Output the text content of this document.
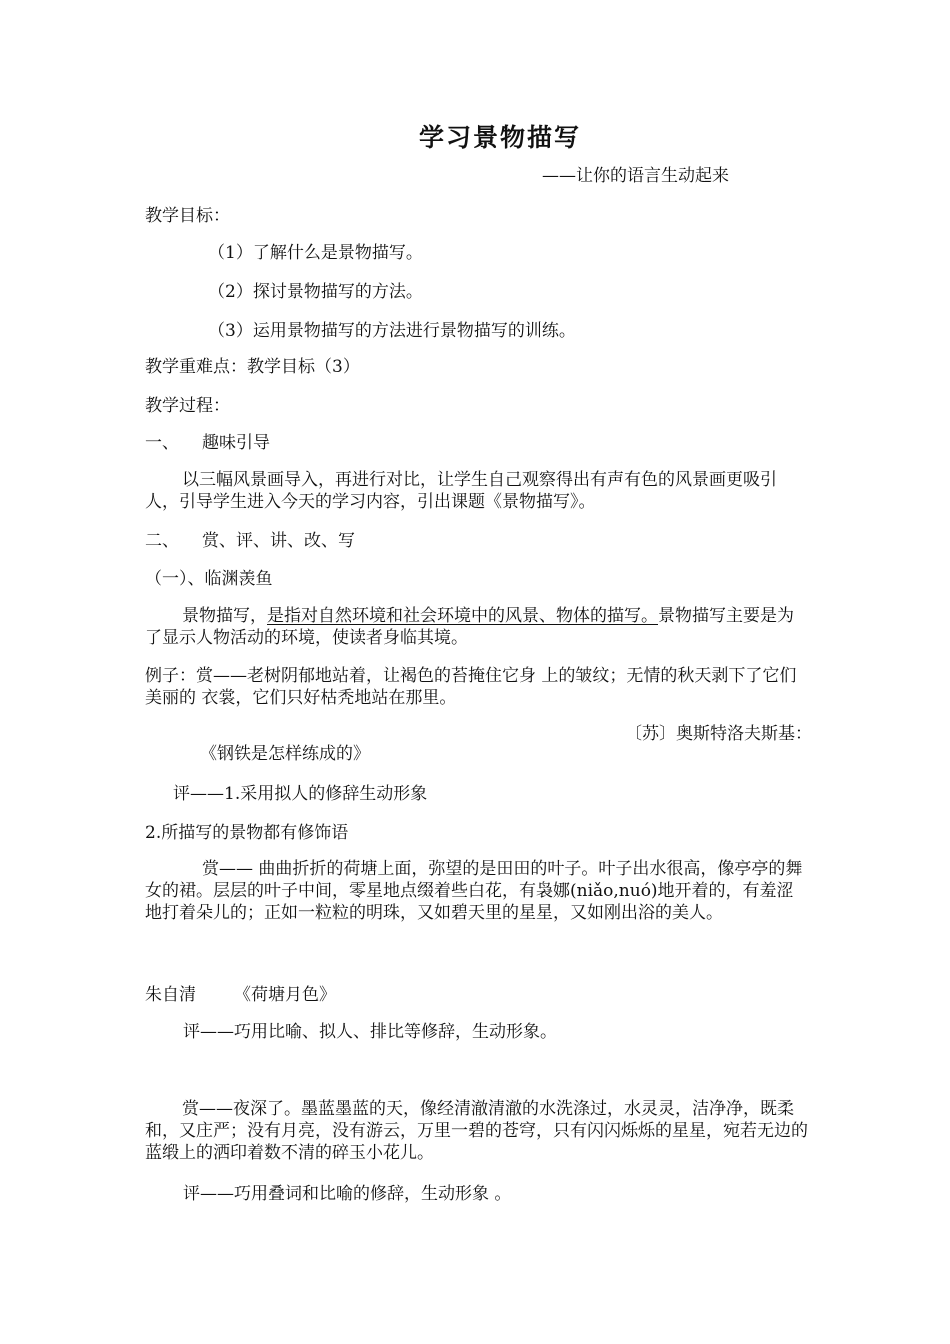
学习景物描写
——让你的语言生动起来
教学目标：
（1）了解什么是景物描写。
（2）探讨景物描写的方法。
（3）运用景物描写的方法进行景物描写的训练。
教学重难点：教学目标（3）
教学过程：
一、 趣味引导
以三幅风景画导入，再进行对比，让学生自己观察得出有声有色的风景画更吸引人，引导学生进入今天的学习内容，引出课题《景物描写》。
二、 赏、评、讲、改、写
（一）、临渊羡鱼
景物描写，是指对自然环境和社会环境中的风景、物体的描写。景物描写主要是为了显示人物活动的环境，使读者身临其境。
例子：赏——老树阴郁地站着，让褐色的苔掩住它身 上的皱纹；无情的秋天剥下了它们美丽的 衣裳，它们只好枯秃地站在那里。
〔苏〕奥斯特洛夫斯基：
《钢铁是怎样练成的》
评——1.采用拟人的修辞生动形象
2.所描写的景物都有修饰语
赏—— 曲曲折折的荷塘上面，弥望的是田田的叶子。叶子出水很高，像亭亭的舞女的裙。层层的叶子中间，零星地点缀着些白花，有袅娜(niǎo,nuó)地开着的，有羞涩地打着朵儿的；正如一粒粒的明珠，又如碧天里的星星，又如刚出浴的美人。
朱自清 《荷塘月色》
评——巧用比喻、拟人、排比等修辞，生动形象。
赏——夜深了。墨蓝墨蓝的天，像经清澈清澈的水洗涤过，水灵灵，洁净净，既柔和，又庄严；没有月亮，没有游云，万里一碧的苍穹，只有闪闪烁烁的星星，宛若无边的蓝缎上的洒印着数不清的碎玉小花儿。
评——巧用叠词和比喻的修辞，生动形象 。
